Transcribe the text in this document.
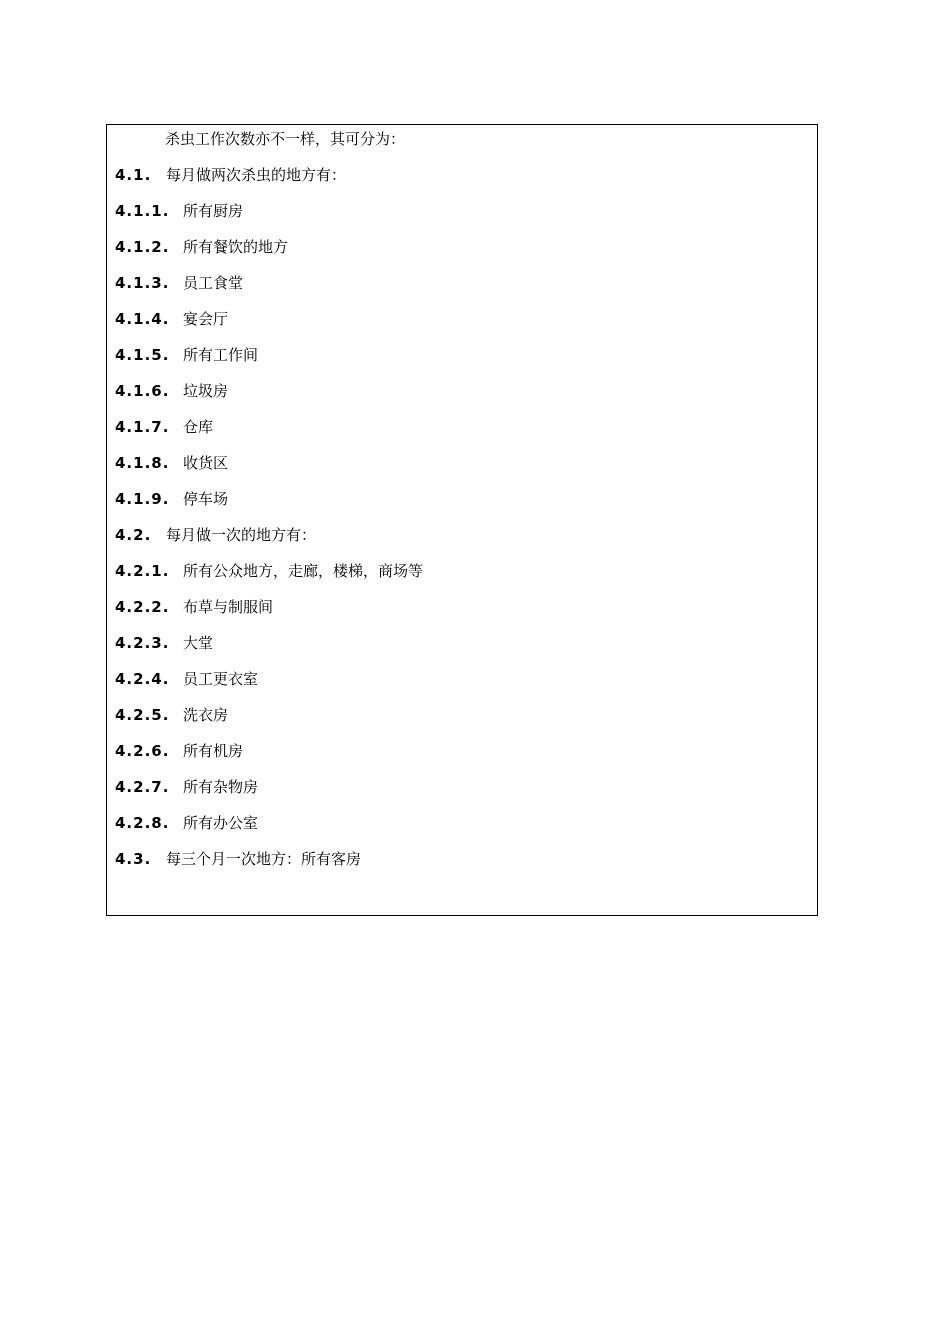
杀虫工作次数亦不一样，其可分为：
4.1. 每月做两次杀虫的地方有：
4.1.1. 所有厨房
4.1.2. 所有餐饮的地方
4.1.3. 员工食堂
4.1.4. 宴会厅
4.1.5. 所有工作间
4.1.6. 垃圾房
4.1.7. 仓库
4.1.8. 收货区
4.1.9. 停车场
4.2. 每月做一次的地方有：
4.2.1. 所有公众地方，走廊，楼梯，商场等
4.2.2. 布草与制服间
4.2.3. 大堂
4.2.4. 员工更衣室
4.2.5. 洗衣房
4.2.6. 所有机房
4.2.7. 所有杂物房
4.2.8. 所有办公室
4.3. 每三个月一次地方：所有客房
